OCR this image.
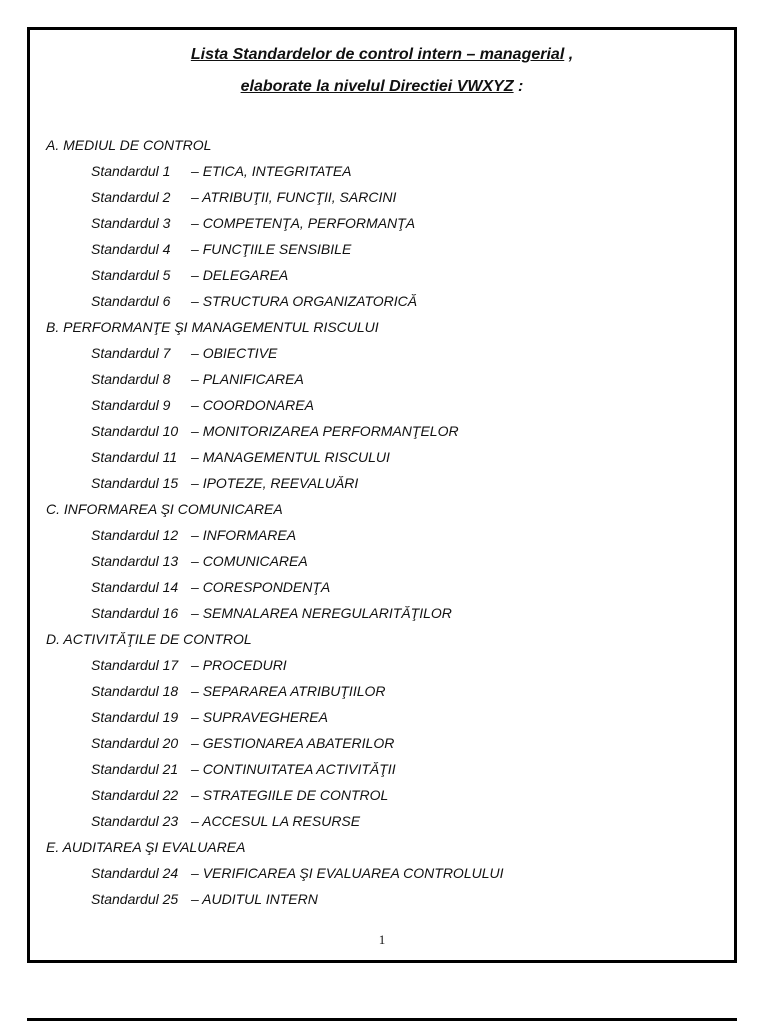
Lista Standardelor de control intern – managerial ,
elaborate la nivelul Directiei VWXYZ :
A. MEDIUL DE CONTROL
Standardul 1 – ETICA, INTEGRITATEA
Standardul 2 – ATRIBUŢII, FUNCŢII, SARCINI
Standardul 3 – COMPETENŢA, PERFORMANŢA
Standardul 4 – FUNCŢIILE SENSIBILE
Standardul 5 – DELEGAREA
Standardul 6 – STRUCTURA ORGANIZATORICĂ
B. PERFORMANŢE ŞI MANAGEMENTUL RISCULUI
Standardul 7 – OBIECTIVE
Standardul 8 – PLANIFICAREA
Standardul 9 – COORDONAREA
Standardul 10 – MONITORIZAREA PERFORMANŢELOR
Standardul 11 – MANAGEMENTUL RISCULUI
Standardul 15 – IPOTEZE, REEVALUĂRI
C. INFORMAREA ŞI COMUNICAREA
Standardul 12 – INFORMAREA
Standardul 13 – COMUNICAREA
Standardul 14 – CORESPONDENŢA
Standardul 16 – SEMNALAREA NEREGULARITĂŢILOR
D. ACTIVITĂŢILE DE CONTROL
Standardul 17 – PROCEDURI
Standardul 18 – SEPARAREA ATRIBUŢIILOR
Standardul 19 – SUPRAVEGHEREA
Standardul 20 – GESTIONAREA ABATERILOR
Standardul 21 – CONTINUITATEA ACTIVITĂŢII
Standardul 22 – STRATEGIILE DE CONTROL
Standardul 23 – ACCESUL LA RESURSE
E. AUDITAREA ŞI EVALUAREA
Standardul 24 – VERIFICAREA ŞI EVALUAREA CONTROLULUI
Standardul 25 – AUDITUL INTERN
1
